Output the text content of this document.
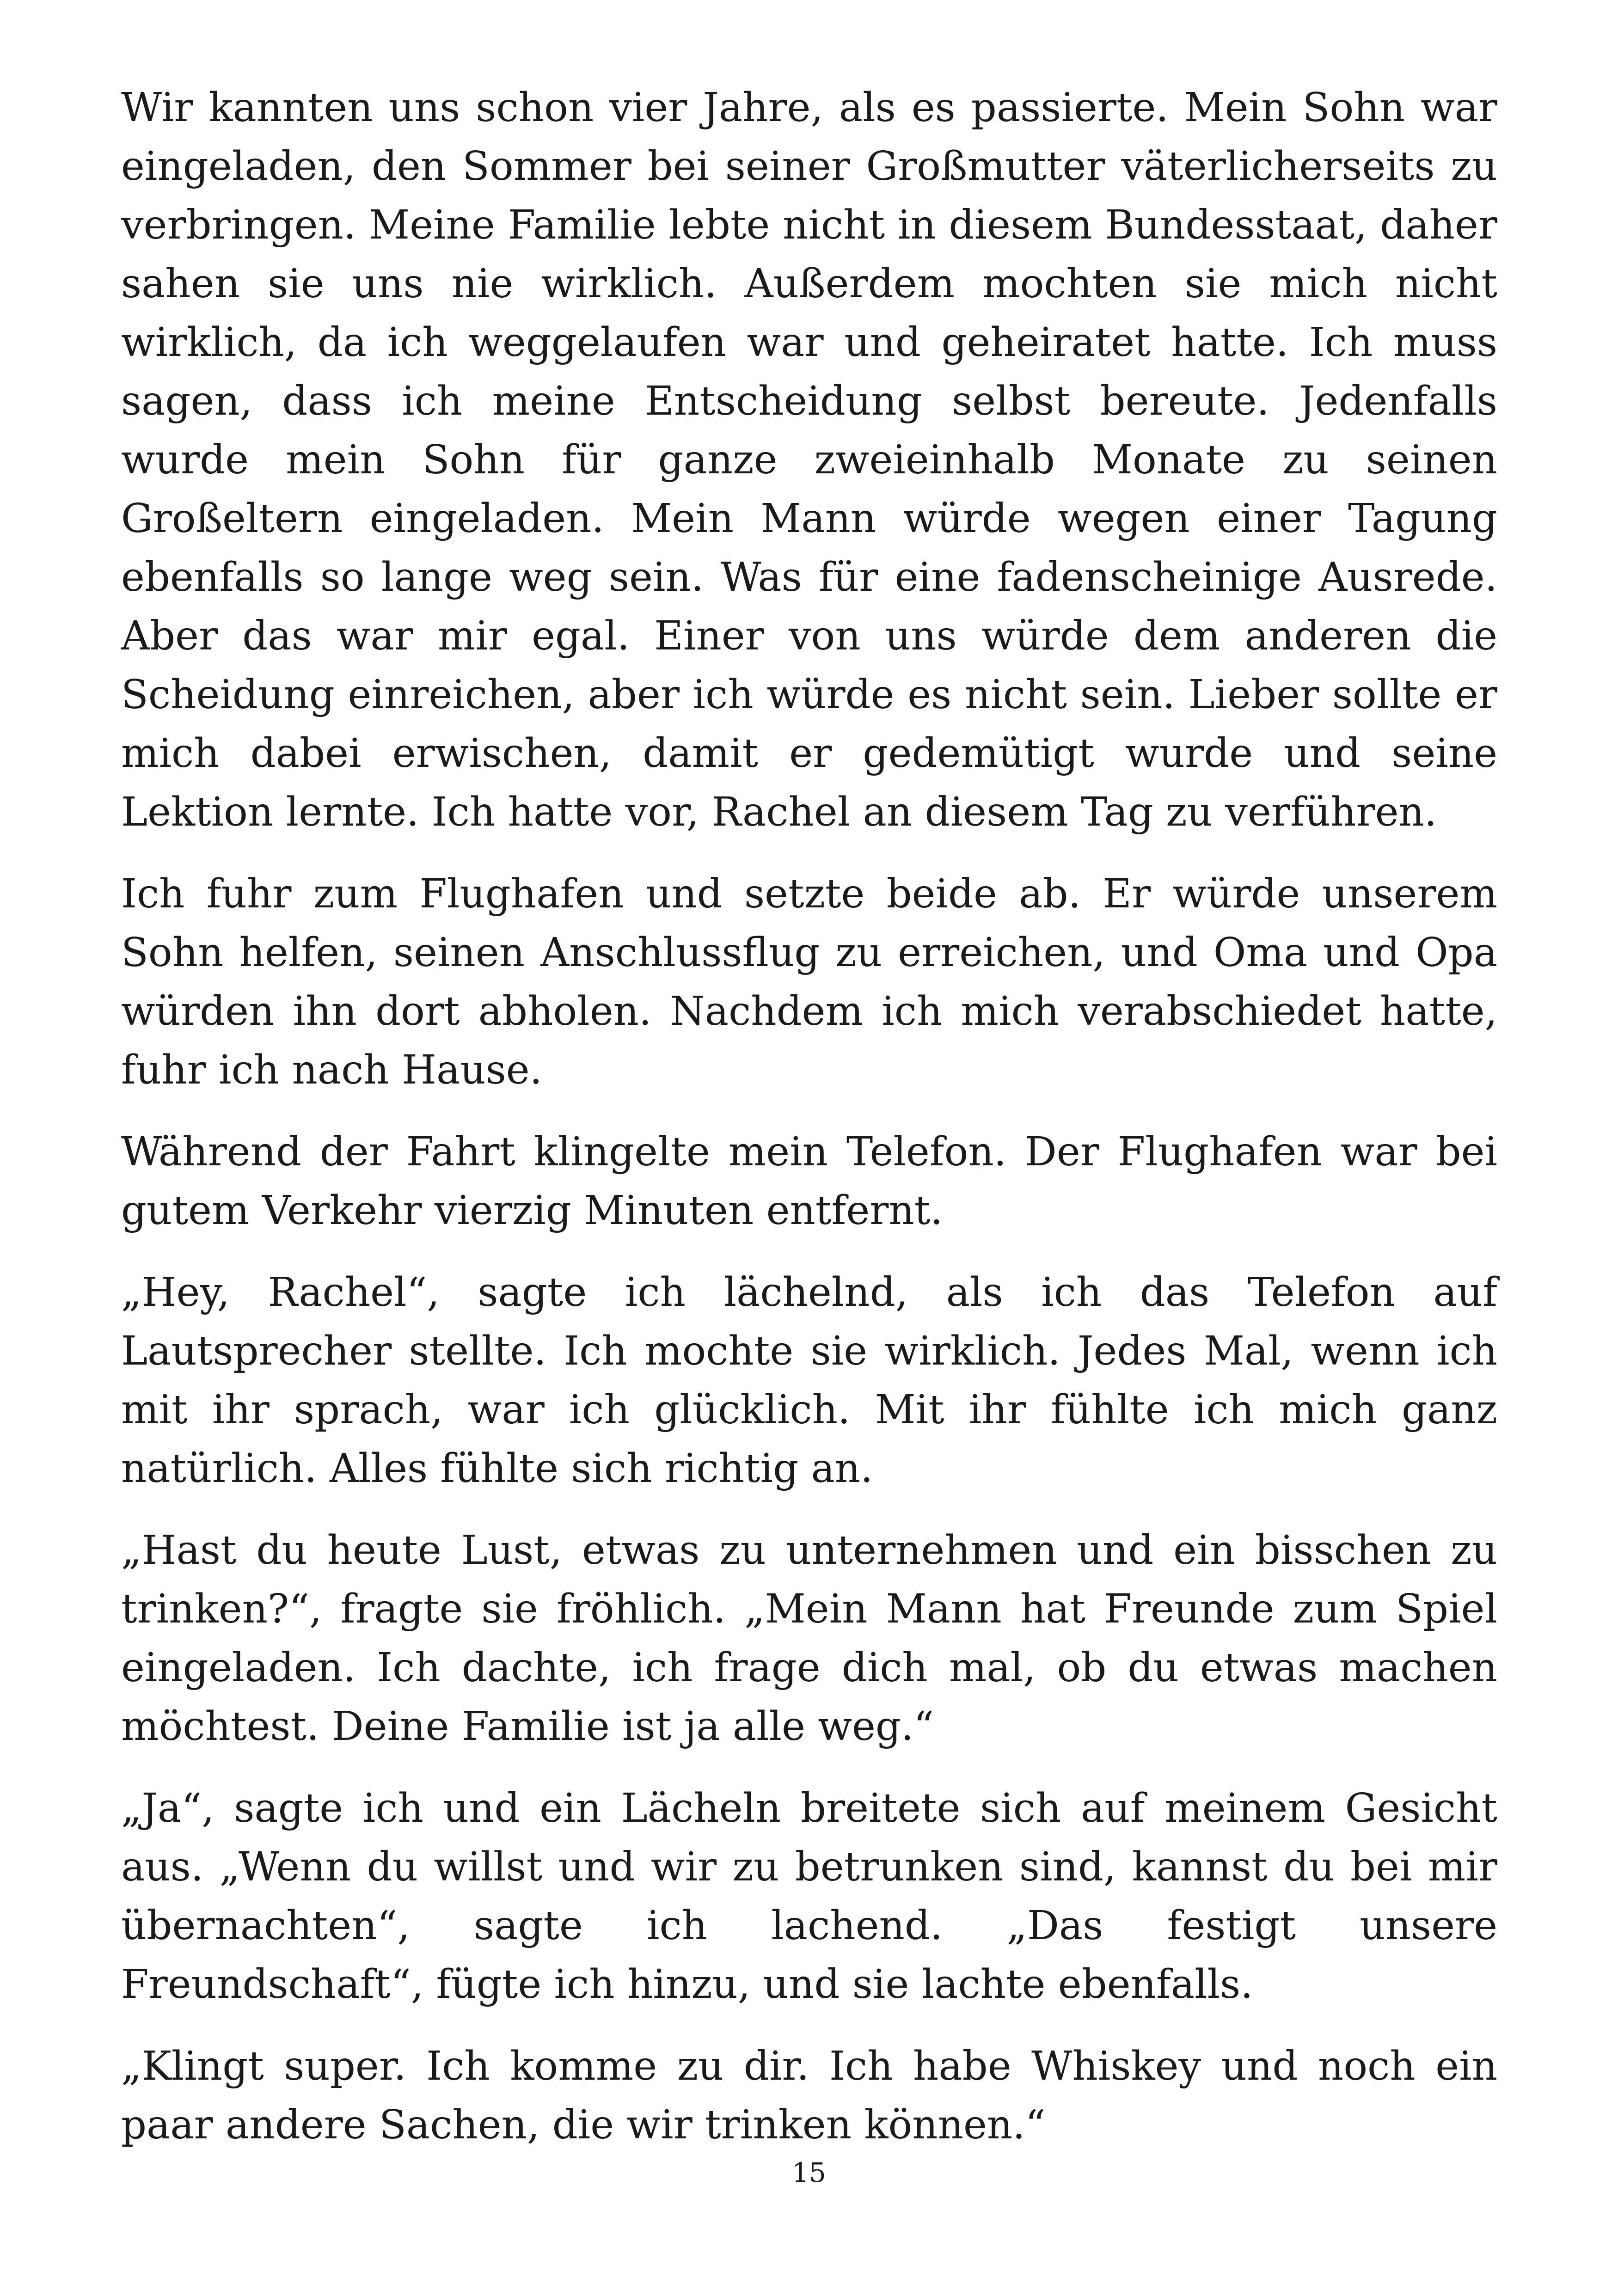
Wir kannten uns schon vier Jahre, als es passierte. Mein Sohn war eingeladen, den Sommer bei seiner Großmutter väterlicherseits zu verbringen. Meine Familie lebte nicht in diesem Bundesstaat, daher sahen sie uns nie wirklich. Außerdem mochten sie mich nicht wirklich, da ich weggelaufen war und geheiratet hatte. Ich muss sagen, dass ich meine Entscheidung selbst bereute. Jedenfalls wurde mein Sohn für ganze zweieinhalb Monate zu seinen Großeltern eingeladen. Mein Mann würde wegen einer Tagung ebenfalls so lange weg sein. Was für eine fadenscheinige Ausrede. Aber das war mir egal. Einer von uns würde dem anderen die Scheidung einreichen, aber ich würde es nicht sein. Lieber sollte er mich dabei erwischen, damit er gedemütigt wurde und seine Lektion lernte. Ich hatte vor, Rachel an diesem Tag zu verführen.

Ich fuhr zum Flughafen und setzte beide ab. Er würde unserem Sohn helfen, seinen Anschlussflug zu erreichen, und Oma und Opa würden ihn dort abholen. Nachdem ich mich verabschiedet hatte, fuhr ich nach Hause.

Während der Fahrt klingelte mein Telefon. Der Flughafen war bei gutem Verkehr vierzig Minuten entfernt.

„Hey, Rachel“, sagte ich lächelnd, als ich das Telefon auf Lautsprecher stellte. Ich mochte sie wirklich. Jedes Mal, wenn ich mit ihr sprach, war ich glücklich. Mit ihr fühlte ich mich ganz natürlich. Alles fühlte sich richtig an.

„Hast du heute Lust, etwas zu unternehmen und ein bisschen zu trinken?“, fragte sie fröhlich. „Mein Mann hat Freunde zum Spiel eingeladen. Ich dachte, ich frage dich mal, ob du etwas machen möchtest. Deine Familie ist ja alle weg.“

„Ja“, sagte ich und ein Lächeln breitete sich auf meinem Gesicht aus. „Wenn du willst und wir zu betrunken sind, kannst du bei mir übernachten“, sagte ich lachend. „Das festigt unsere Freundschaft“, fügte ich hinzu, und sie lachte ebenfalls.

„Klingt super. Ich komme zu dir. Ich habe Whiskey und noch ein paar andere Sachen, die wir trinken können.“

15
